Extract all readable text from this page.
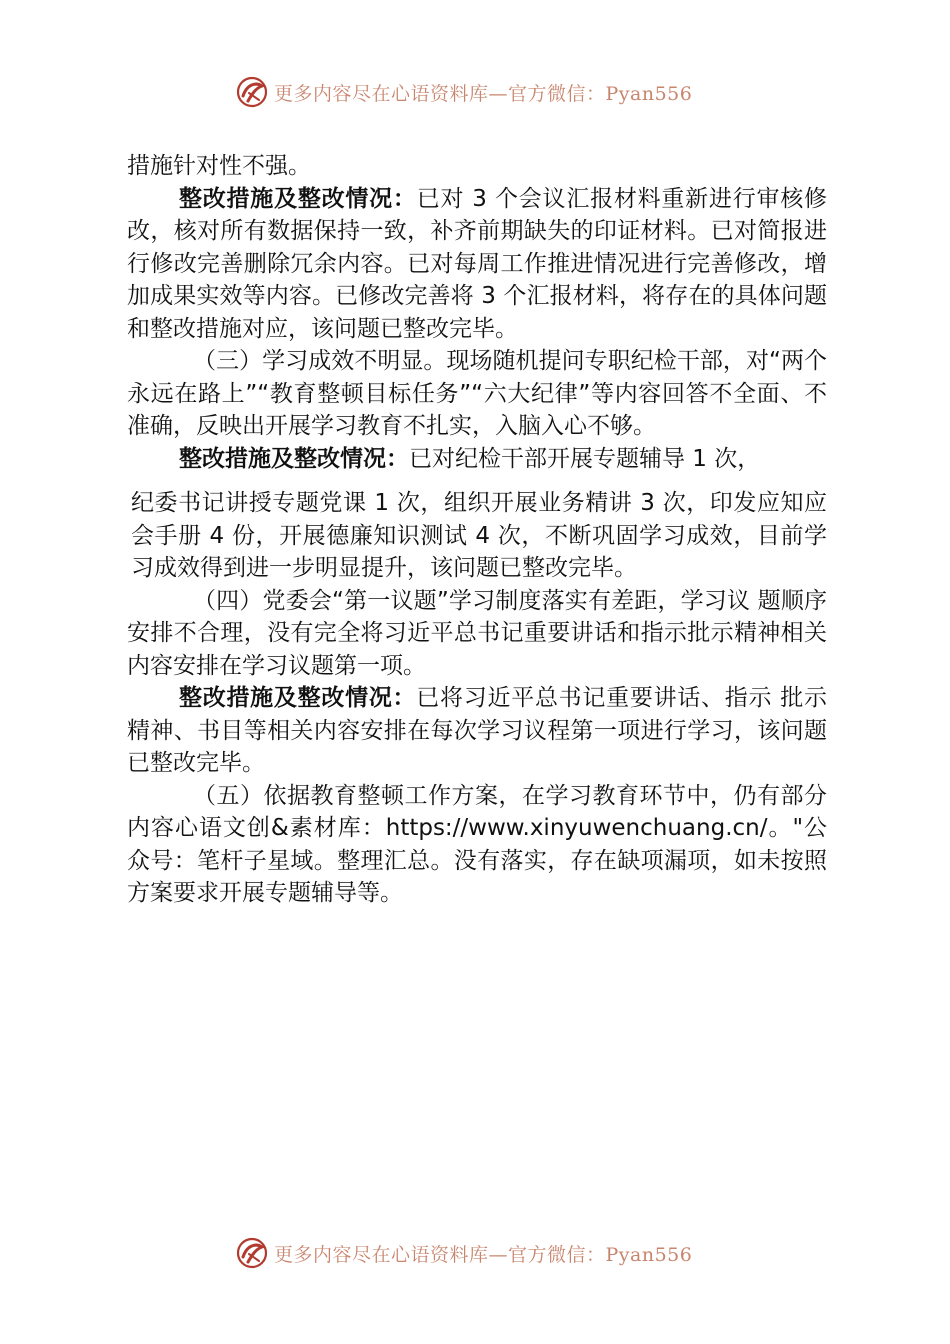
更多内容尽在心语资料库—官方微信：Pyan556

措施针对性不强。

整改措施及整改情况：已对 3 个会议汇报材料重新进行审核修改，核对所有数据保持一致，补齐前期缺失的印证材料。已对简报进行修改完善删除冗余内容。已对每周工作推进情况进行完善修改，增加成果实效等内容。已修改完善将 3 个汇报材料，将存在的具体问题和整改措施对应，该问题已整改完毕。

（三）学习成效不明显。现场随机提问专职纪检干部，对“两个永远在路上”“教育整顿目标任务”“六大纪律”等内容回答不全面、不准确，反映出开展学习教育不扎实，入脑入心不够。

整改措施及整改情况：已对纪检干部开展专题辅导 1 次，

纪委书记讲授专题党课 1 次，组织开展业务精讲 3 次，印发应知应会手册 4 份，开展德廉知识测试 4 次，不断巩固学习成效，目前学习成效得到进一步明显提升，该问题已整改完毕。

（四）党委会“第一议题”学习制度落实有差距，学习议 题顺序安排不合理，没有完全将习近平总书记重要讲话和指示批示精神相关内容安排在学习议题第一项。

整改措施及整改情况：已将习近平总书记重要讲话、指示 批示精神、书目等相关内容安排在每次学习议程第一项进行学习，该问题已整改完毕。

（五）依据教育整顿工作方案，在学习教育环节中，仍有部分内容心语文创&素材库：https://www.xinyuwenchuang.cn/。"公众号：笔杆子星域。整理汇总。没有落实，存在缺项漏项，如未按照方案要求开展专题辅导等。

更多内容尽在心语资料库—官方微信：Pyan556
